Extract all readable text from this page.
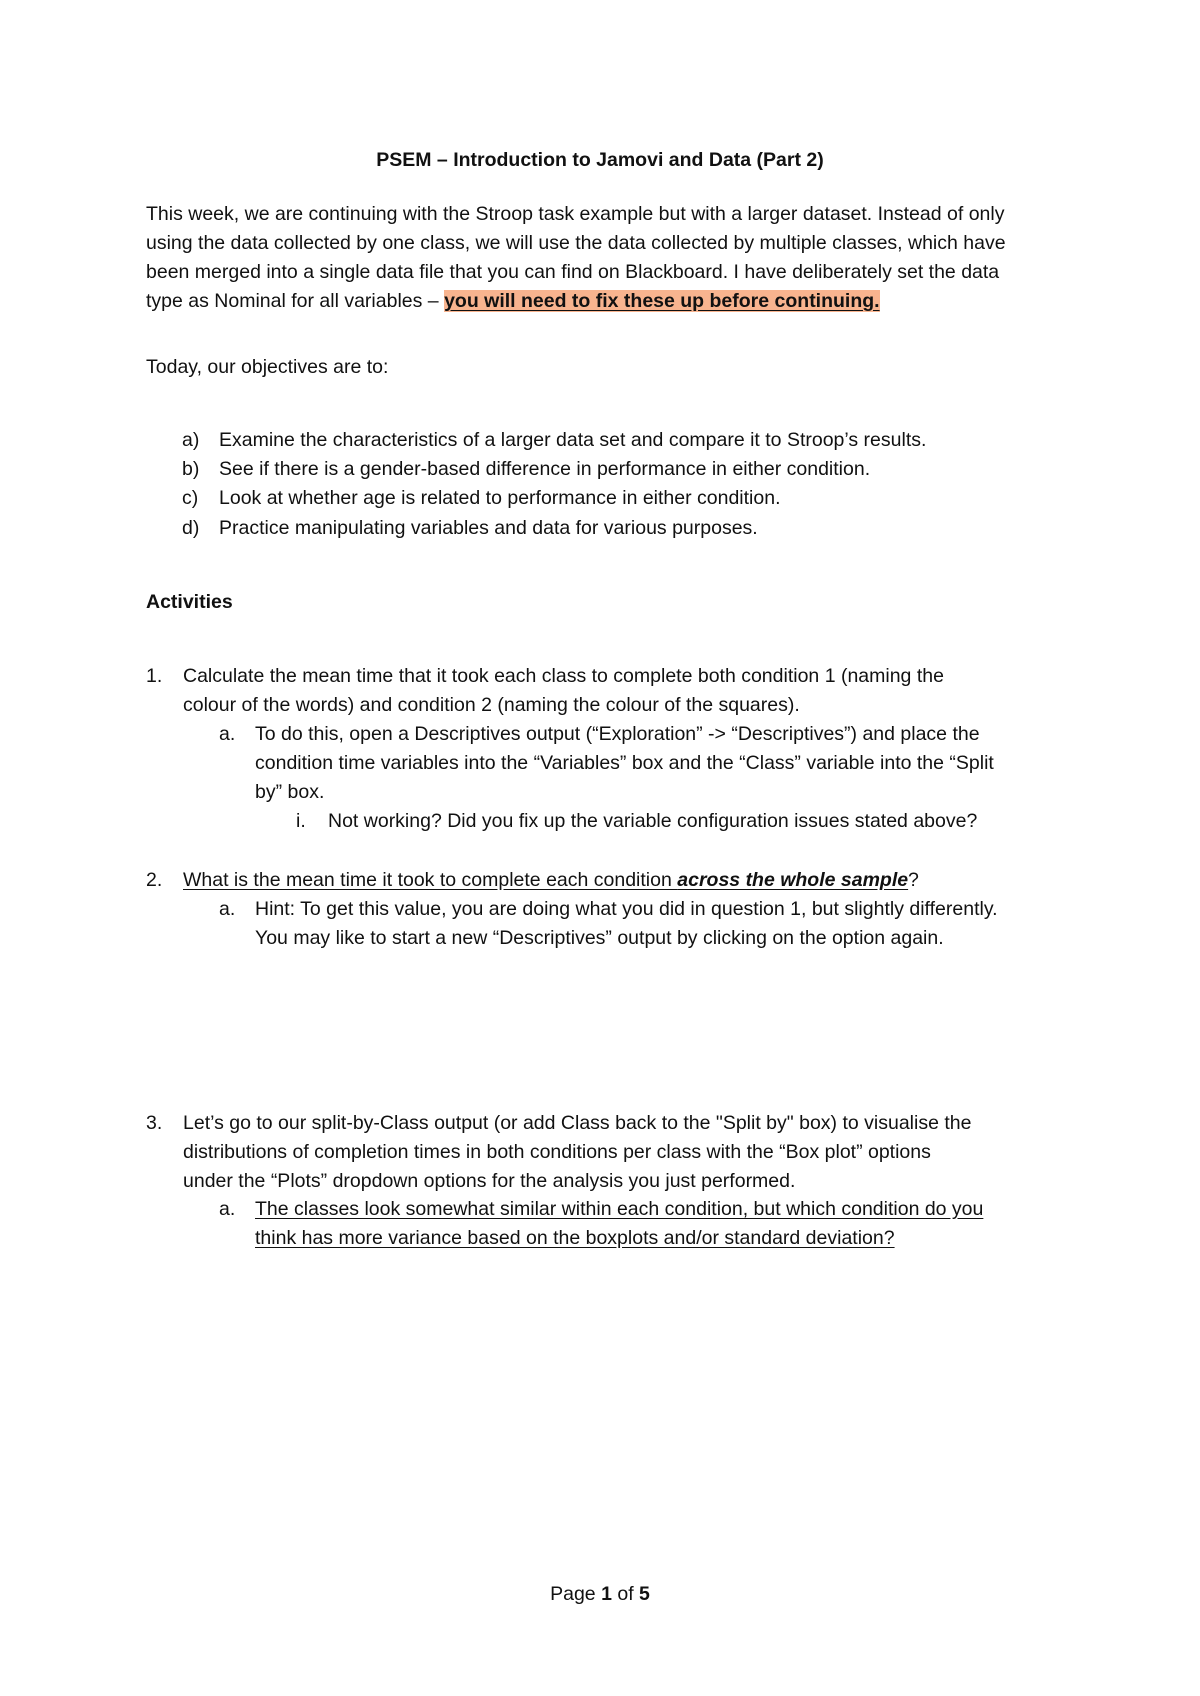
PSEM – Introduction to Jamovi and Data (Part 2)
This week, we are continuing with the Stroop task example but with a larger dataset. Instead of only
using the data collected by one class, we will use the data collected by multiple classes, which have
been merged into a single data file that you can find on Blackboard. I have deliberately set the data
type as Nominal for all variables – you will need to fix these up before continuing.
Today, our objectives are to:
a) Examine the characteristics of a larger data set and compare it to Stroop’s results.
b) See if there is a gender-based difference in performance in either condition.
c) Look at whether age is related to performance in either condition.
d) Practice manipulating variables and data for various purposes.
Activities
1. Calculate the mean time that it took each class to complete both condition 1 (naming the
colour of the words) and condition 2 (naming the colour of the squares).
a. To do this, open a Descriptives output (“Exploration” -> “Descriptives”) and place the
condition time variables into the “Variables” box and the “Class” variable into the “Split
by” box.
i. Not working? Did you fix up the variable configuration issues stated above?
2. What is the mean time it took to complete each condition across the whole sample ?
a. Hint: To get this value, you are doing what you did in question 1, but slightly differently.
You may like to start a new “Descriptives” output by clicking on the option again.
3. Let’s go to our split-by-Class output (or add Class back to the "Split by" box) to visualise the
distributions of completion times in both conditions per class with the “Box plot” options
under the “Plots” dropdown options for the analysis you just performed.
a. The classes look somewhat similar within each condition, but which condition do you
think has more variance based on the boxplots and/or standard deviation?
Page 1 of 5
